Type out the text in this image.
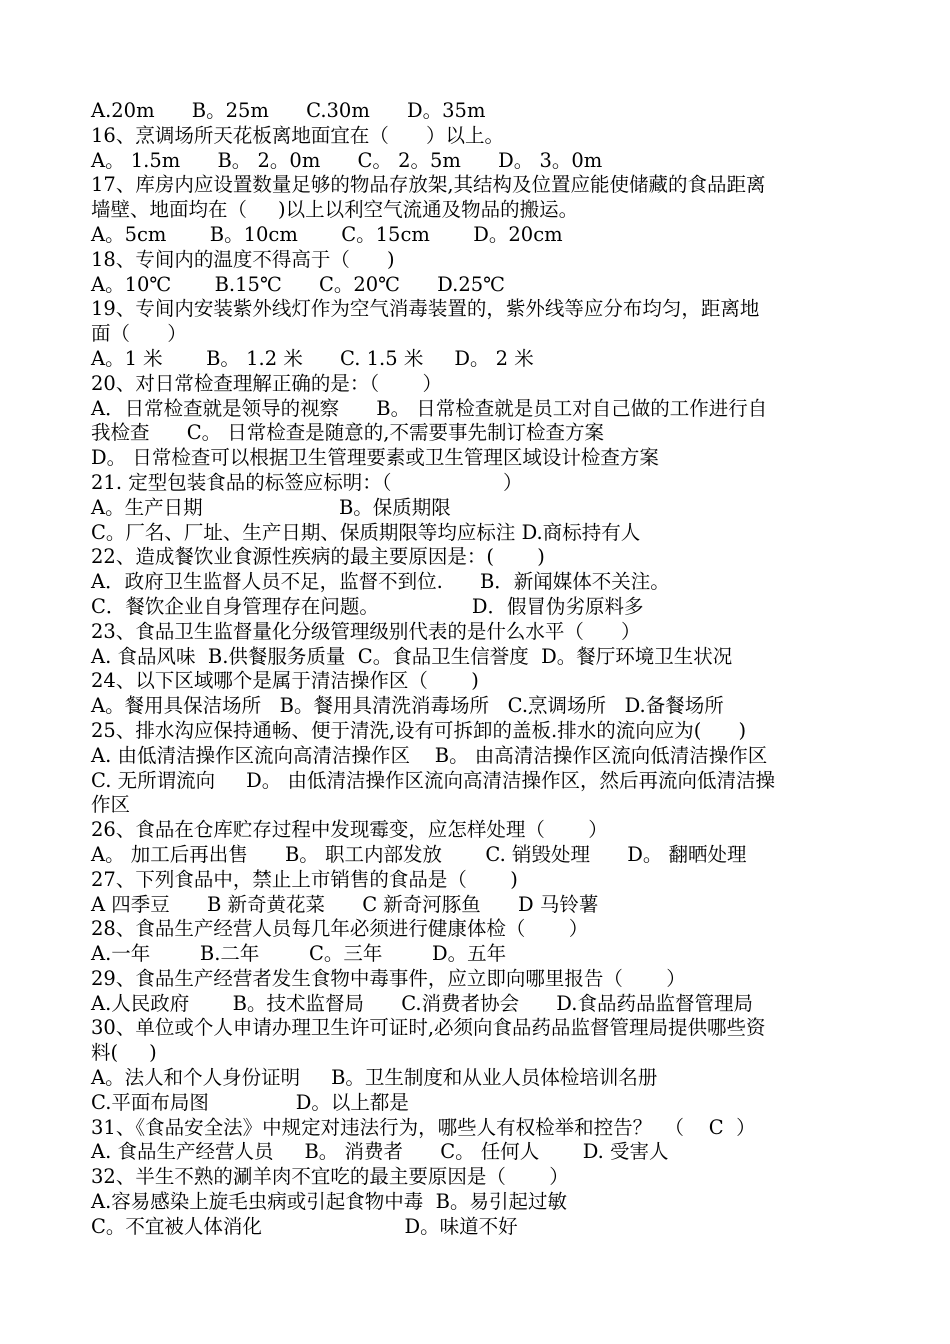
A.20m      B。25m      C.30m      D。35m
16、烹调场所天花板离地面宜在（      ）以上。
A。 1.5m      B。 2。0m      C。 2。5m      D。 3。0m
17、库房内应设置数量足够的物品存放架,其结构及位置应能使储藏的食品距离
墙壁、地面均在（     )以上以利空气流通及物品的搬运。
A。5cm       B。10cm       C。15cm       D。20cm
18、专间内的温度不得高于（      )
A。10℃       B.15℃      C。20℃      D.25℃
19、专间内安装紫外线灯作为空气消毒装置的，紫外线等应分布均匀，距离地
面（      ）
A。1 米       B。 1.2 米      C. 1.5 米     D。 2 米
20、对日常检查理解正确的是：（       ）
A．日常检查就是领导的视察      B。 日常检查就是员工对自己做的工作进行自
我检查      C。 日常检查是随意的,不需要事先制订检查方案
D。 日常检查可以根据卫生管理要素或卫生管理区域设计检查方案
21. 定型包装食品的标签应标明：（                  ）
A。生产日期                      B。保质期限
C。厂名、厂址、生产日期、保质期限等均应标注 D.商标持有人
22、造成餐饮业食源性疾病的最主要原因是：(       )
A．政府卫生监督人员不足，监督不到位.      B．新闻媒体不关注。
C．餐饮企业自身管理存在问题。               D．假冒伪劣原料多
23、食品卫生监督量化分级管理级别代表的是什么水平（      ）
A. 食品风味  B.供餐服务质量  C。食品卫生信誉度  D。餐厅环境卫生状况
24、以下区域哪个是属于清洁操作区（       )
A。餐用具保洁场所   B。餐用具清洗消毒场所   C.烹调场所   D.备餐场所
25、排水沟应保持通畅、便于清洗,设有可拆卸的盖板.排水的流向应为(      )
A. 由低清洁操作区流向高清洁操作区    B。 由高清洁操作区流向低清洁操作区
C. 无所谓流向     D。 由低清洁操作区流向高清洁操作区，然后再流向低清洁操
作区
26、食品在仓库贮存过程中发现霉变，应怎样处理（       ）
A。 加工后再出售      B。 职工内部发放       C. 销毁处理      D。 翻晒处理
27、下列食品中，禁止上市销售的食品是（       )
A 四季豆      B 新奇黄花菜      C 新奇河豚鱼      D 马铃薯
28、食品生产经营人员每几年必须进行健康体检（       ）
A.一年        B.二年        C。三年        D。五年
29、食品生产经营者发生食物中毒事件，应立即向哪里报告（       ）
A.人民政府       B。技术监督局      C.消费者协会      D.食品药品监督管理局
30、单位或个人申请办理卫生许可证时,必须向食品药品监督管理局提供哪些资
料(     )
A。法人和个人身份证明     B。卫生制度和从业人员体检培训名册
C.平面布局图              D。以上都是
31、《食品安全法》中规定对违法行为，哪些人有权检举和控告？  （    C  ）
A. 食品生产经营人员     B。 消费者      C。 任何人       D. 受害人
32、半生不熟的涮羊肉不宜吃的最主要原因是（       ）
A.容易感染上旋毛虫病或引起食物中毒  B。易引起过敏
C。不宜被人体消化                       D。味道不好
